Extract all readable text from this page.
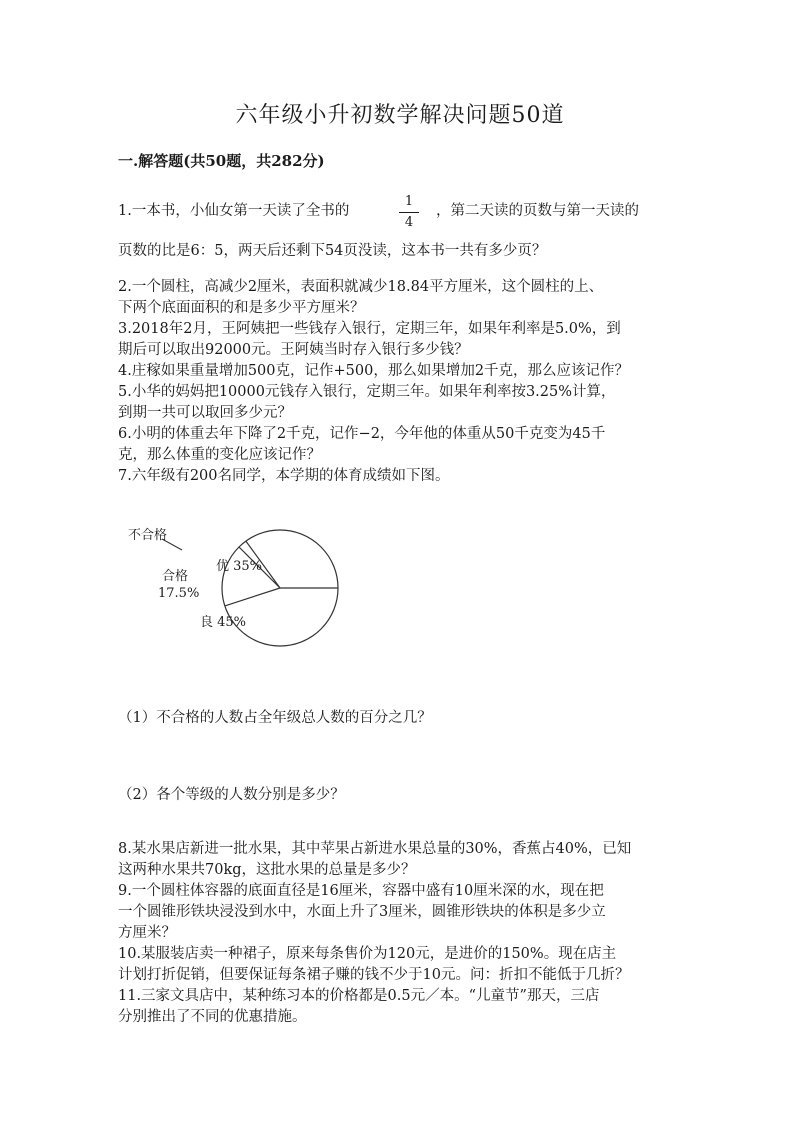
六年级小升初数学解决问题50道
一.解答题(共50题，共282分)
1.一本书，小仙女第一天读了全书的
1
4
，第二天读的页数与第一天读的
页数的比是6：5，两天后还剩下54页没读，这本书一共有多少页？
2.一个圆柱，高减少2厘米，表面积就减少18.84平方厘米，这个圆柱的上、
下两个底面面积的和是多少平方厘米？
3.2018年2月，王阿姨把一些钱存入银行，定期三年，如果年利率是5.0%，到
期后可以取出92000元。王阿姨当时存入银行多少钱？
4.庄稼如果重量增加500克，记作+500，那么如果增加2千克，那么应该记作？
5.小华的妈妈把10000元钱存入银行，定期三年。如果年利率按3.25%计算，
到期一共可以取回多少元？
6.小明的体重去年下降了2千克，记作−2，今年他的体重从50千克变为45千
克，那么体重的变化应该记作？
7.六年级有200名同学，本学期的体育成绩如下图。
不合格
优 35%
合格
17.5%
良 45%
（1）不合格的人数占全年级总人数的百分之几？
（2）各个等级的人数分别是多少？
8.某水果店新进一批水果，其中苹果占新进水果总量的30%，香蕉占40%，已知
这两种水果共70kg，这批水果的总量是多少？
9.一个圆柱体容器的底面直径是16厘米，容器中盛有10厘米深的水，现在把
一个圆锥形铁块浸没到水中，水面上升了3厘米，圆锥形铁块的体积是多少立
方厘米？
10.某服装店卖一种裙子，原来每条售价为120元，是进价的150%。现在店主
计划打折促销，但要保证每条裙子赚的钱不少于10元。问：折扣不能低于几折？
11.三家文具店中，某种练习本的价格都是0.5元／本。“儿童节”那天，三店
分别推出了不同的优惠措施。
